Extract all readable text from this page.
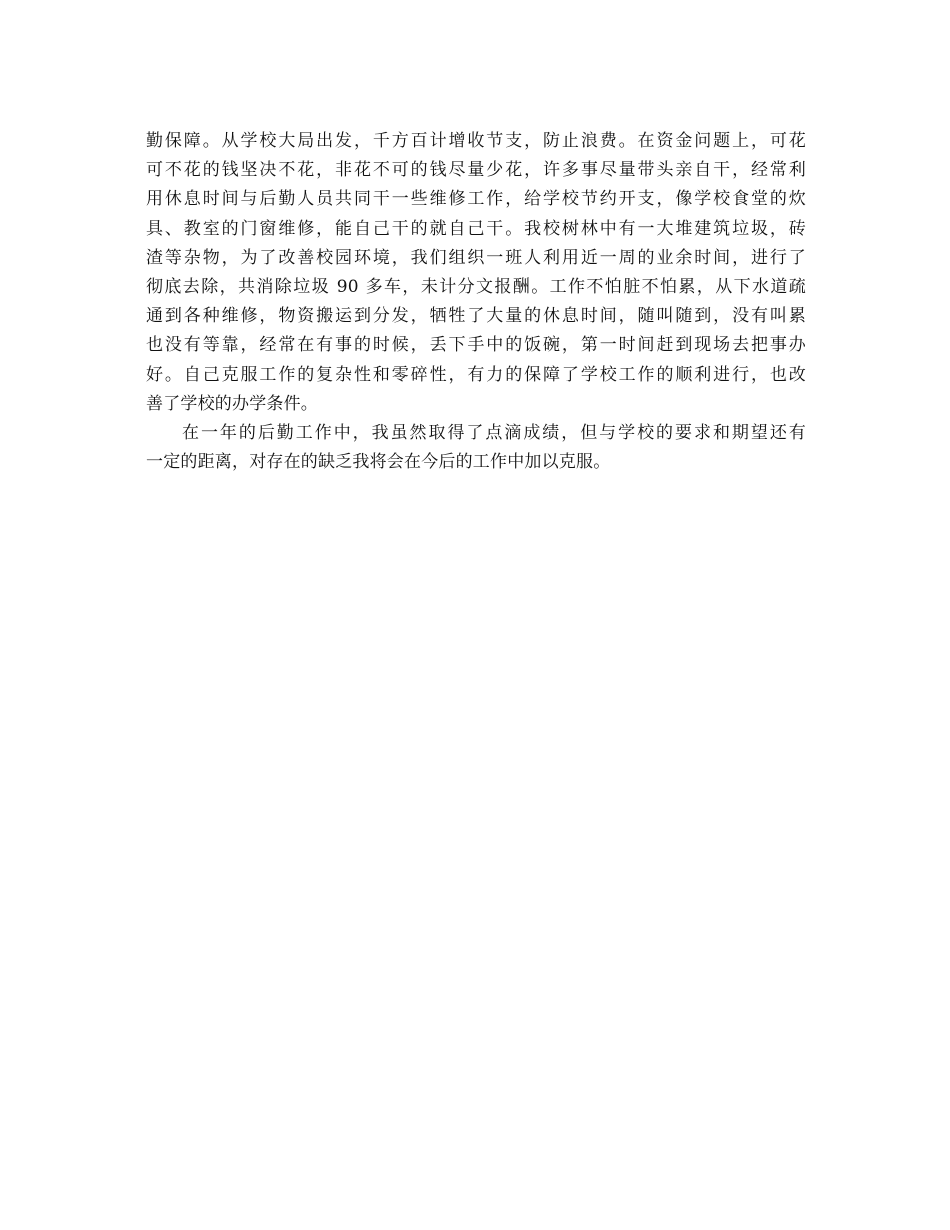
勤保障。从学校大局出发，千方百计增收节支，防止浪费。在资金问题上，可花
可不花的钱坚决不花，非花不可的钱尽量少花，许多事尽量带头亲自干，经常利
用休息时间与后勤人员共同干一些维修工作，给学校节约开支，像学校食堂的炊
具、教室的门窗维修，能自己干的就自己干。我校树林中有一大堆建筑垃圾，砖
渣等杂物，为了改善校园环境，我们组织一班人利用近一周的业余时间，进行了
彻底去除，共消除垃圾 90 多车，未计分文报酬。工作不怕脏不怕累，从下水道疏
通到各种维修，物资搬运到分发，牺牲了大量的休息时间，随叫随到，没有叫累
也没有等靠，经常在有事的时候，丢下手中的饭碗，第一时间赶到现场去把事办
好。自己克服工作的复杂性和零碎性，有力的保障了学校工作的顺利进行，也改
善了学校的办学条件。
在一年的后勤工作中，我虽然取得了点滴成绩，但与学校的要求和期望还有
一定的距离，对存在的缺乏我将会在今后的工作中加以克服。
